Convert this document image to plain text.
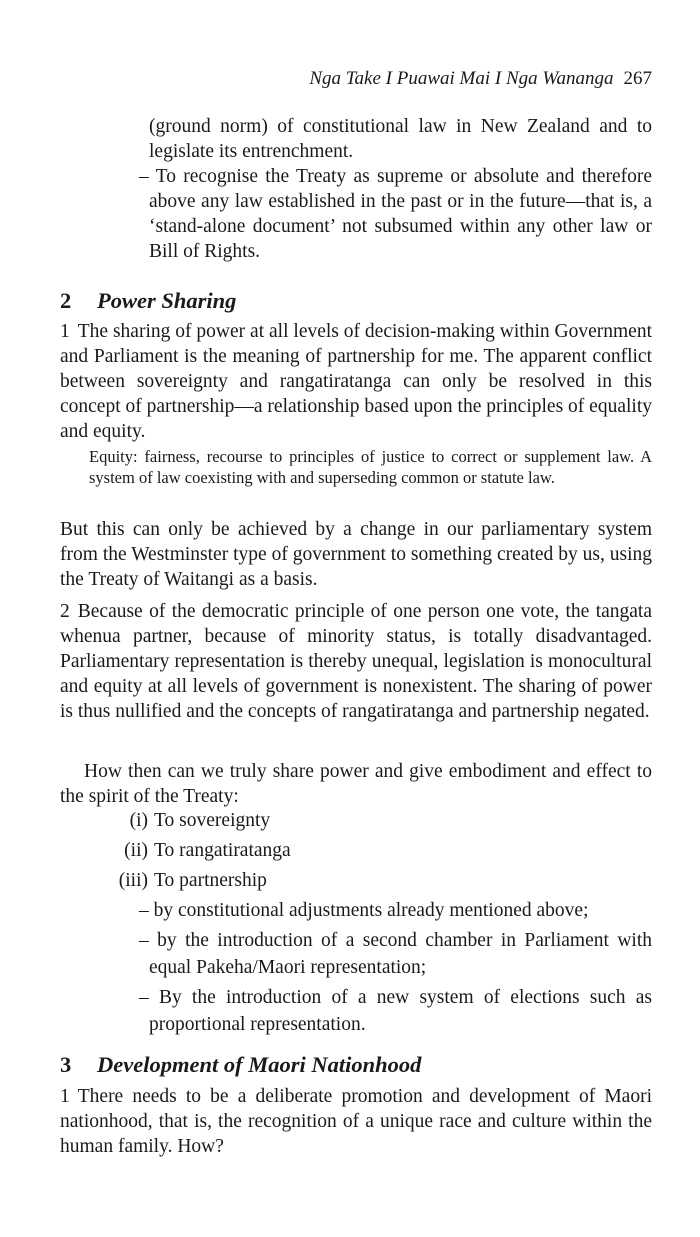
Nga Take I Puawai Mai I Nga Wananga 267

(ground norm) of constitutional law in New Zealand and to legislate its entrenchment.

– To recognise the Treaty as supreme or absolute and therefore above any law established in the past or in the future—that is, a ‘stand-alone document’ not subsumed within any other law or Bill of Rights.

2 Power Sharing

1 The sharing of power at all levels of decision-making within Government and Parliament is the meaning of partnership for me. The apparent conflict between sovereignty and rangatiratanga can only be resolved in this concept of partnership—a relationship based upon the principles of equality and equity.

Equity: fairness, recourse to principles of justice to correct or supplement law. A system of law coexisting with and superseding common or statute law.

But this can only be achieved by a change in our parliamentary system from the Westminster type of government to something created by us, using the Treaty of Waitangi as a basis.

2 Because of the democratic principle of one person one vote, the tangata whenua partner, because of minority status, is totally disadvantaged. Parliamentary representation is thereby unequal, legislation is monocultural and equity at all levels of government is nonexistent. The sharing of power is thus nullified and the concepts of rangatiratanga and partnership negated.

How then can we truly share power and give embodiment and effect to the spirit of the Treaty:

(i) To sovereignty
(ii) To rangatiratanga
(iii) To partnership

– by constitutional adjustments already mentioned above;

– by the introduction of a second chamber in Parliament with equal Pakeha/Maori representation;

– By the introduction of a new system of elections such as proportional representation.

3 Development of Maori Nationhood

1 There needs to be a deliberate promotion and development of Maori nationhood, that is, the recognition of a unique race and culture within the human family. How?
